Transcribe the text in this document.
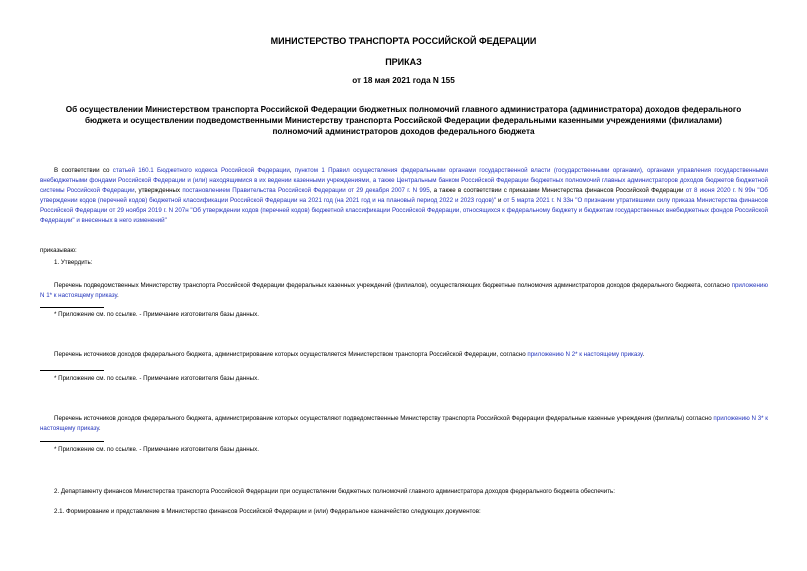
МИНИСТЕРСТВО ТРАНСПОРТА РОССИЙСКОЙ ФЕДЕРАЦИИ
ПРИКАЗ
от 18 мая 2021 года N 155
Об осуществлении Министерством транспорта Российской Федерации бюджетных полномочий главного администратора (администратора) доходов федерального бюджета и осуществлении подведомственными Министерству транспорта Российской Федерации федеральными казенными учреждениями (филиалами) полномочий администраторов доходов федерального бюджета
В соответствии со статьей 160.1 Бюджетного кодекса Российской Федерации, пунктом 1 Правил осуществления федеральными органами государственной власти (государственными органами), органами управления государственными внебюджетными фондами Российской Федерации и (или) находящимися в их ведении казенными учреждениями, а также Центральным банком Российской Федерации бюджетных полномочий главных администраторов доходов бюджетов бюджетной системы Российской Федерации, утвержденных постановлением Правительства Российской Федерации от 29 декабря 2007 г. N 995, а также в соответствии с приказами Министерства финансов Российской Федерации от 8 июня 2020 г. N 99н "Об утверждении кодов (перечней кодов) бюджетной классификации Российской Федерации на 2021 год (на 2021 год и на плановый период 2022 и 2023 годов)" и от 5 марта 2021 г. N 33н "О признании утратившими силу приказа Министерства финансов Российской Федерации от 29 ноября 2019 г. N 207н "Об утверждении кодов (перечней кодов) бюджетной классификации Российской Федерации, относящихся к федеральному бюджету и бюджетам государственных внебюджетных фондов Российской Федерации" и внесенных в него изменений"
приказываю:
1. Утвердить:
Перечень подведомственных Министерству транспорта Российской Федерации федеральных казенных учреждений (филиалов), осуществляющих бюджетные полномочия администраторов доходов федерального бюджета, согласно приложению N 1* к настоящему приказу.
* Приложение см. по ссылке. - Примечание изготовителя базы данных.
Перечень источников доходов федерального бюджета, администрирование которых осуществляется Министерством транспорта Российской Федерации, согласно приложению N 2* к настоящему приказу.
* Приложение см. по ссылке. - Примечание изготовителя базы данных.
Перечень источников доходов федерального бюджета, администрирование которых осуществляют подведомственные Министерству транспорта Российской Федерации федеральные казенные учреждения (филиалы) согласно приложению N 3* к настоящему приказу.
* Приложение см. по ссылке. - Примечание изготовителя базы данных.
2. Департаменту финансов Министерства транспорта Российской Федерации при осуществлении бюджетных полномочий главного администратора доходов федерального бюджета обеспечить:
2.1. Формирование и представление в Министерство финансов Российской Федерации и (или) Федеральное казначейство следующих документов:
